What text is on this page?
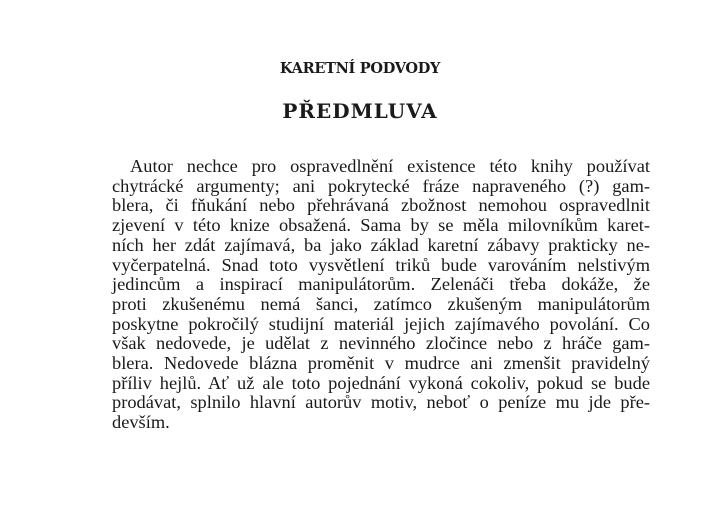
KARETNÍ PODVODY
PŘEDMLUVA
Autor nechce pro ospravedlnění existence této knihy používat
chytrácké argumenty; ani pokrytecké fráze napraveného (?) gam-
blera, či fňukání nebo přehrávaná zbožnost nemohou ospravedlnit
zjevení v této knize obsažená. Sama by se měla milovníkům karet-
ních her zdát zajímavá, ba jako základ karetní zábavy prakticky ne-
vyčerpatelná. Snad toto vysvětlení triků bude varováním nelstivým
jedincům a inspirací manipulátorům. Zelenáči třeba dokáže, že
proti zkušenému nemá šanci, zatímco zkušeným manipulátorům
poskytne pokročilý studijní materiál jejich zajímavého povolání. Co
však nedovede, je udělat z nevinného zločince nebo z hráče gam-
blera. Nedovede blázna proměnit v mudrce ani zmenšit pravidelný
příliv hejlů. Ať už ale toto pojednání vykoná cokoliv, pokud se bude
prodávat, splnilo hlavní autorův motiv, neboť o peníze mu jde pře-
devším.
